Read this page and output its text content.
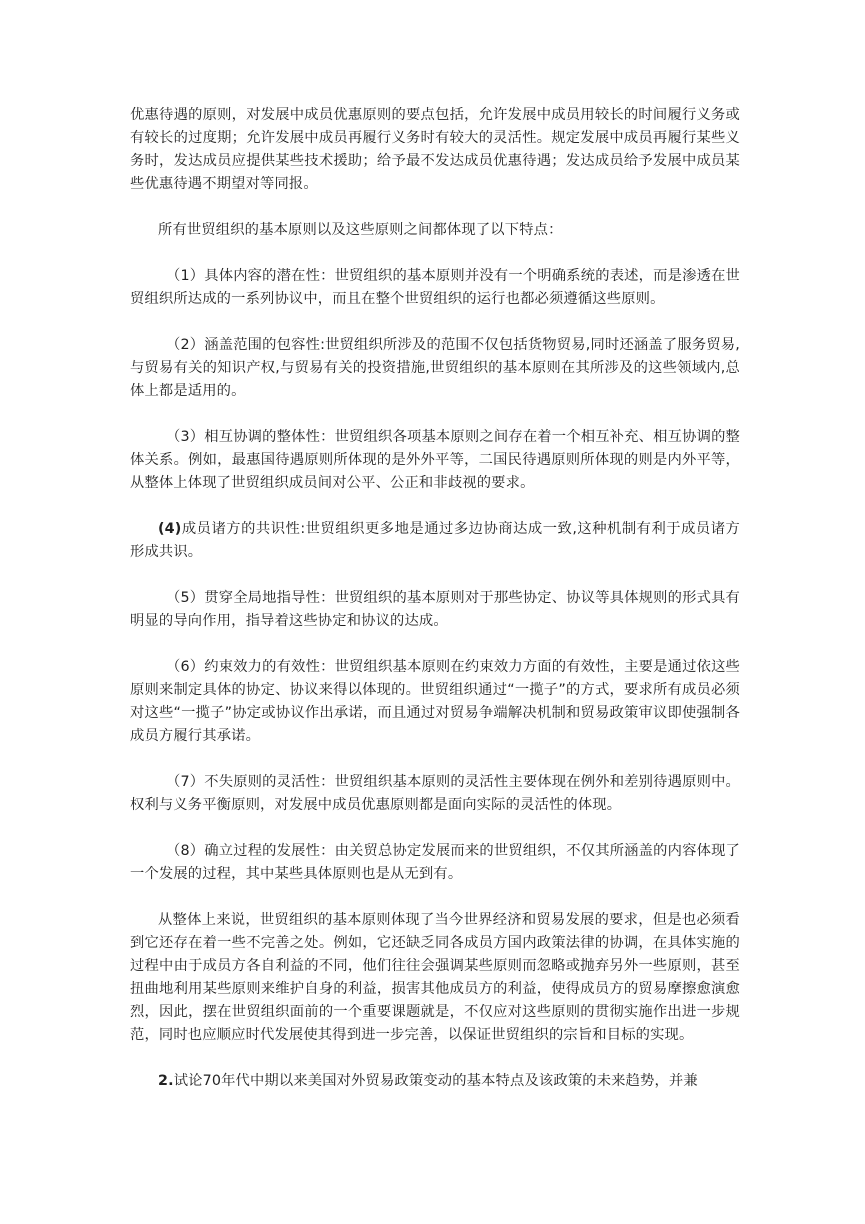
优惠待遇的原则，对发展中成员优惠原则的要点包括，允许发展中成员用较长的时间履行义务或有较长的过度期；允许发展中成员再履行义务时有较大的灵活性。规定发展中成员再履行某些义务时，发达成员应提供某些技术援助；给予最不发达成员优惠待遇；发达成员给予发展中成员某些优惠待遇不期望对等同报。

所有世贸组织的基本原则以及这些原则之间都体现了以下特点：

（1）具体内容的潜在性：世贸组织的基本原则并没有一个明确系统的表述，而是渗透在世贸组织所达成的一系列协议中，而且在整个世贸组织的运行也都必须遵循这些原则。

（2）涵盖范围的包容性:世贸组织所涉及的范围不仅包括货物贸易,同时还涵盖了服务贸易,与贸易有关的知识产权,与贸易有关的投资措施,世贸组织的基本原则在其所涉及的这些领域内,总体上都是适用的。

（3）相互协调的整体性：世贸组织各项基本原则之间存在着一个相互补充、相互协调的整体关系。例如，最惠国待遇原则所体现的是外外平等，二国民待遇原则所体现的则是内外平等，从整体上体现了世贸组织成员间对公平、公正和非歧视的要求。

(4)成员诸方的共识性:世贸组织更多地是通过多边协商达成一致,这种机制有利于成员诸方形成共识。

（5）贯穿全局地指导性：世贸组织的基本原则对于那些协定、协议等具体规则的形式具有明显的导向作用，指导着这些协定和协议的达成。

（6）约束效力的有效性：世贸组织基本原则在约束效力方面的有效性，主要是通过依这些原则来制定具体的协定、协议来得以体现的。世贸组织通过“一揽子”的方式，要求所有成员必须对这些“一揽子”协定或协议作出承诺，而且通过对贸易争端解决机制和贸易政策审议即使强制各成员方履行其承诺。

（7）不失原则的灵活性：世贸组织基本原则的灵活性主要体现在例外和差别待遇原则中。权利与义务平衡原则，对发展中成员优惠原则都是面向实际的灵活性的体现。

（8）确立过程的发展性：由关贸总协定发展而来的世贸组织，不仅其所涵盖的内容体现了一个发展的过程，其中某些具体原则也是从无到有。

从整体上来说，世贸组织的基本原则体现了当今世界经济和贸易发展的要求，但是也必须看到它还存在着一些不完善之处。例如，它还缺乏同各成员方国内政策法律的协调，在具体实施的过程中由于成员方各自利益的不同，他们往往会强调某些原则而忽略或抛弃另外一些原则，甚至扭曲地利用某些原则来维护自身的利益，损害其他成员方的利益，使得成员方的贸易摩擦愈演愈烈，因此，摆在世贸组织面前的一个重要课题就是，不仅应对这些原则的贯彻实施作出进一步规范，同时也应顺应时代发展使其得到进一步完善，以保证世贸组织的宗旨和目标的实现。

2.试论70年代中期以来美国对外贸易政策变动的基本特点及该政策的未来趋势，并兼
